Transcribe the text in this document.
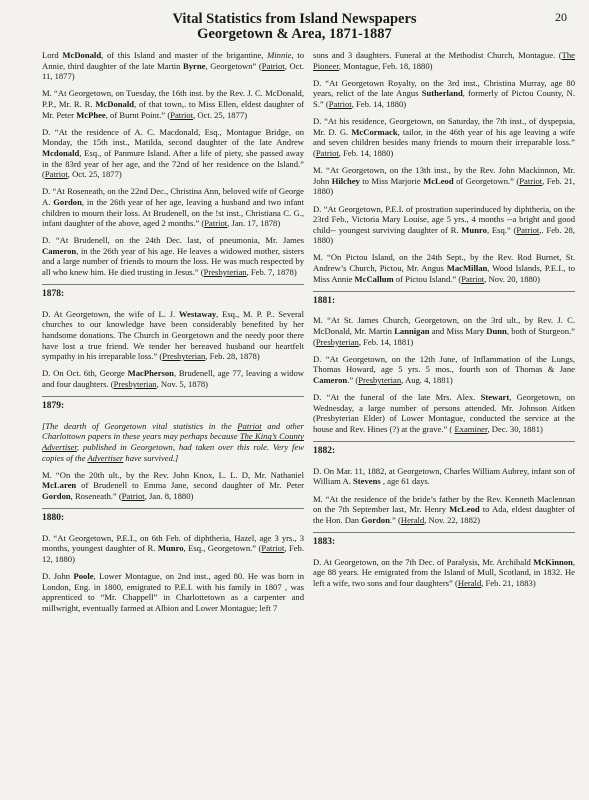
20
Vital Statistics from Island Newspapers
Georgetown & Area, 1871-1887

Lord McDonald, of this Island and master of the brigantine, Minnie, to Annie, third daughter of the late Martin Byrne, Georgetown” (Patriot, Oct. 11, 1877)

M. “At Georgetown, on Tuesday, the 16th inst. by the Rev. J. C. McDonald, P.P., Mr. R. R. McDonald, of that town,. to Miss Ellen, eldest daughter of Mr. Peter McPhee, of Burnt Point.” (Patriot, Oct. 25, 1877)

D. “At the residence of A. C. Macdonald, Esq., Montague Bridge, on Monday, the 15th inst., Matilda, second daughter of the late Andrew Mcdonald, Esq., of Panmure Island. After a life of piety, she passed away in the 83rd year of her age, and the 72nd of her residence on the Island.” (Patriot, Oct. 25, 1877)

D. “At Roseneath, on the 22nd Dec., Christina Ann, beloved wife of George A. Gordon, in the 26th year of her age, leaving a husband and two infant children to mourn their loss. At Brudenell, on the !st inst., Christiana C. G., infant daughter of the above, aged 2 months.” (Patriot, Jan. 17, 1878)

D. “At Brudenell, on the 24th Dec. last, of pneumonia, Mr. James Cameron, in the 26th year of his age. He leaves a widowed mother, sisters and a large number of friends to mourn the loss. He was much respected by all who knew him. He died trusting in Jesus.” (Presbyterian, Feb. 7, 1878)

1878:

D. At Georgetown, the wife of L. J. Westaway, Esq., M. P. P.. Several churches to our knowledge have been considerably benefited by her handsome donations. The Church in Georgetown and the needy poor there have lost a true friend. We tender her bereaved husband our heartfelt sympathy in his irreparable loss.” (Presbyterian, Feb. 28, 1878)

D. On Oct. 6th, George MacPherson, Brudenell, age 77, leaving a widow and four daughters. (Presbyterian, Nov. 5, 1878)

1879:

[The dearth of Georgetown vital statistics in the Patriot and other Charlottown papers in these years may perhaps because The King’s County Advertiser, published in Georgetown, had taken over this role. Very few copies of the Advertiser have survived.]

M. “On the 20th ult., by the Rev. John Knox, L. L. D, Mr. Nathaniel McLaren of Brudenell to Emma Jane, second daughter of Mr. Peter Gordon, Roseneath.” (Patriot, Jan. 8, 1880)

1880:

D. “At Georgetown, P.E.I., on 6th Feb. of diphtheria, Hazel, age 3 yrs., 3 months, youngest daughter of R. Munro, Esq., Georgetown.” (Patriot, Feb. 12, 1880)

D. John Poole, Lower Montague, on 2nd inst., aged 80. He was born in London, Eng. in 1800, emigrated to P.E.I. with his family in 1807 , was apprenticed to “Mr. Chappell” in Charlottetown as a carpenter and millwright, eventually farmed at Albion and Lower Montague; left 7

sons and 3 daughters. Funeral at the Methodist Church, Montague. (The Pioneer, Montague, Feb. 18, 1880)

D. “At Georgetown Royalty, on the 3rd inst., Christina Murray, age 80 years, relict of the late Angus Sutherland, formerly of Pictou County, N. S.” (Patriot, Feb. 14, 1880)

D. “At his residence, Georgetown, on Saturday, the 7th inst., of dyspepsia, Mr. D. G. McCormack, tailor, in the 46th year of his age leaving a wife and seven children besides many friends to mourn their irreparable loss.” (Patriot, Feb. 14, 1880)

M. “At Georgetown, on the 13th inst., by the Rev. John Mackinnon, Mr. John Hilchey to Miss Marjorie McLeod of Georgetown.” (Patriot, Feb. 21, 1880)

D. “At Georgetown, P.E.I. of prostration superinduced by diphtheria, on the 23rd Feb., Victoria Mary Louise, age 5 yrs., 4 months --a bright and good child-- youngest surviving daughter of R. Munro, Esq.” (Patriot,. Feb. 28, 1880)

M. “On Pictou Island, on the 24th Sept., by the Rev. Rod Burnet, St. Andrew’s Church, Pictou, Mr. Angus MacMillan, Wood Islands, P.E.I., to Miss Annie McCallum of Pictou Island.” (Patriot, Nov. 20, 1880)

1881:

M. “At St. James Church, Georgetown, on the 3rd ult., by Rev. J. C. McDonald, Mr. Martin Lannigan and Miss Mary Dunn, both of Sturgeon.” (Presbyterian, Feb. 14, 1881)

D. “At Georgetown, on the 12th June, of Inflammation of the Lungs, Thomas Howard, age 5 yrs. 5 mos., fourth son of Thomas & Jane Cameron.” (Presbyterian, Aug. 4, 1881)

D. “At the funeral of the late Mrs. Alex. Stewart, Georgetown, on Wednesday, a large number of persons attended. Mr. Johnson Aitken (Presbyterian Elder) of Lower Montague, conducted the service at the house and Rev. Hines (?) at the grave.” ( Examiner, Dec. 30, 1881)

1882:

D. On Mar. 11, 1882, at Georgetown, Charles William Aubrey, infant son of William A. Stevens , age 61 days.

M. “At the residence of the bride’s father by the Rev. Kenneth Maclennan on the 7th September last, Mr. Henry McLeod to Ada, eldest daughter of the Hon. Dan Gordon.” (Herald, Nov. 22, 1882)

1883:

D. At Georgetown, on the 7th Dec. of Paralysis, Mr. Archibald McKinnon, age 88 years. He emigrated from the Island of Mull, Scotland, in 1832. He left a wife, two sons and four daughters” (Herald, Feb. 21, 1883)
